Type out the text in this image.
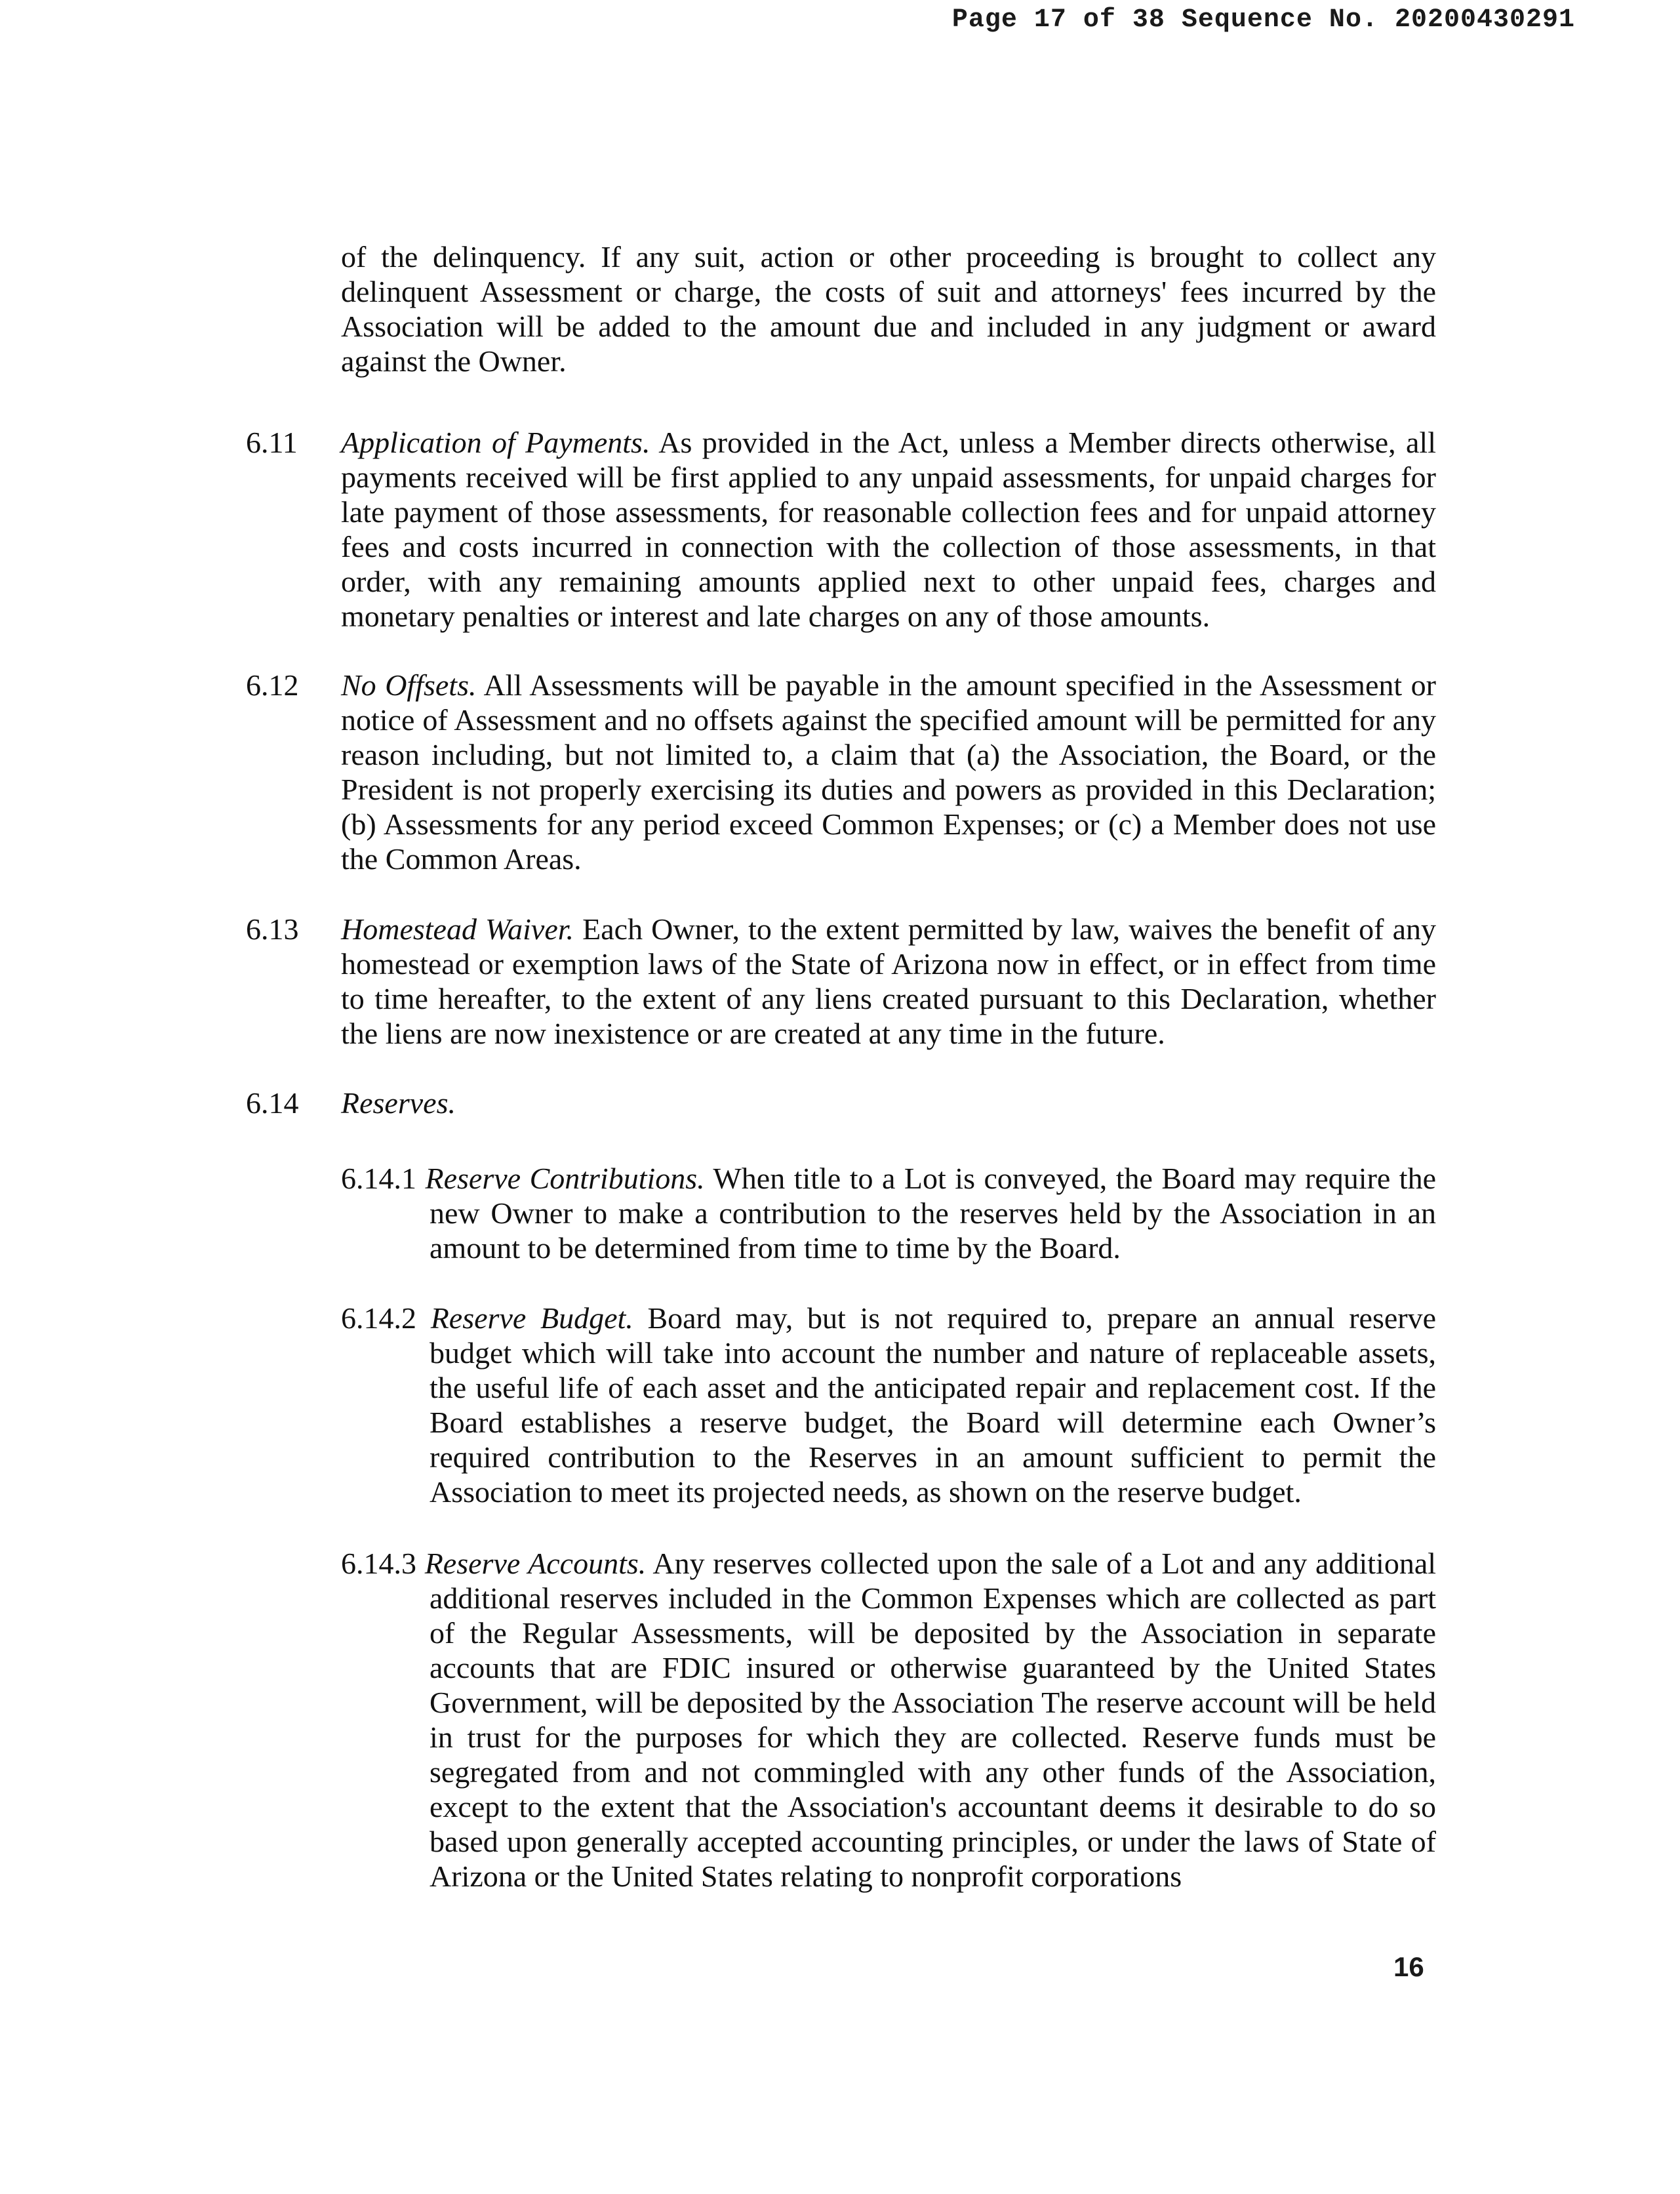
Page 17 of 38 Sequence No. 20200430291
of the delinquency. If any suit, action or other proceeding is brought to collect any delinquent Assessment or charge, the costs of suit and attorneys' fees incurred by the Association will be added to the amount due and included in any judgment or award against the Owner.
6.11	Application of Payments. As provided in the Act, unless a Member directs otherwise, all payments received will be first applied to any unpaid assessments, for unpaid charges for late payment of those assessments, for reasonable collection fees and for unpaid attorney fees and costs incurred in connection with the collection of those assessments, in that order, with any remaining amounts applied next to other unpaid fees, charges and monetary penalties or interest and late charges on any of those amounts.
6.12	No Offsets. All Assessments will be payable in the amount specified in the Assessment or notice of Assessment and no offsets against the specified amount will be permitted for any reason including, but not limited to, a claim that (a) the Association, the Board, or the President is not properly exercising its duties and powers as provided in this Declaration; (b) Assessments for any period exceed Common Expenses; or (c) a Member does not use the Common Areas.
6.13	Homestead Waiver. Each Owner, to the extent permitted by law, waives the benefit of any homestead or exemption laws of the State of Arizona now in effect, or in effect from time to time hereafter, to the extent of any liens created pursuant to this Declaration, whether the liens are now inexistence or are created at any time in the future.
6.14	Reserves.
6.14.1 Reserve Contributions. When title to a Lot is conveyed, the Board may require the new Owner to make a contribution to the reserves held by the Association in an amount to be determined from time to time by the Board.
6.14.2 Reserve Budget. Board may, but is not required to, prepare an annual reserve budget which will take into account the number and nature of replaceable assets, the useful life of each asset and the anticipated repair and replacement cost. If the Board establishes a reserve budget, the Board will determine each Owner’s required contribution to the Reserves in an amount sufficient to permit the Association to meet its projected needs, as shown on the reserve budget.
6.14.3 Reserve Accounts. Any reserves collected upon the sale of a Lot and any additional additional reserves included in the Common Expenses which are collected as part of the Regular Assessments, will be deposited by the Association in separate accounts that are FDIC insured or otherwise guaranteed by the United States Government, will be deposited by the Association The reserve account will be held in trust for the purposes for which they are collected. Reserve funds must be segregated from and not commingled with any other funds of the Association, except to the extent that the Association's accountant deems it desirable to do so based upon generally accepted accounting principles, or under the laws of State of Arizona or the United States relating to nonprofit corporations
16
